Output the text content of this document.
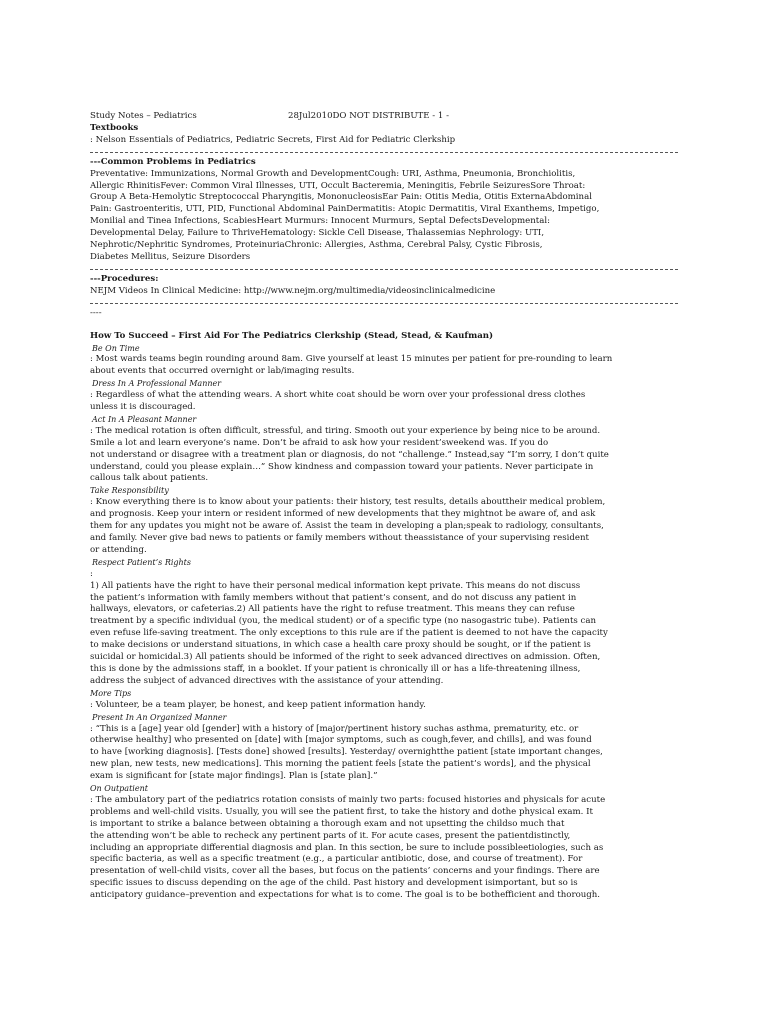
Study Notes – Pediatrics	28Jul2010DO NOT DISTRIBUTE - 1 -
Textbooks
: Nelson Essentials of Pediatrics, Pediatric Secrets, First Aid for Pediatric Clerkship
---Common Problems in Pediatrics
Preventative: Immunizations, Normal Growth and DevelopmentCough: URI, Asthma, Pneumonia, Bronchiolitis,
Allergic RhinitisFever: Common Viral Illnesses, UTI, Occult Bacteremia, Meningitis, Febrile SeizuresSore Throat:
Group A Beta-Hemolytic Streptococcal Pharyngitis, MononucleosisEar Pain: Otitis Media, Otitis ExternaAbdominal
Pain: Gastroenteritis, UTI, PID, Functional Abdominal PainDermatitis: Atopic Dermatitis, Viral Exanthems, Impetigo,
Monilial and Tinea Infections, ScabiesHeart Murmurs: Innocent Murmurs, Septal DefectsDevelopmental:
Developmental Delay, Failure to ThriveHematology: Sickle Cell Disease, Thalassemias Nephrology: UTI,
Nephrotic/Nephritic Syndromes, ProteinuriaChronic: Allergies, Asthma, Cerebral Palsy, Cystic Fibrosis,
Diabetes Mellitus, Seizure Disorders
---Procedures:
NEJM Videos In Clinical Medicine: http://www.nejm.org/multimedia/videosinclinicalmedicine
----
How To Succeed – First Aid For The Pediatrics Clerkship (Stead, Stead, & Kaufman)
Be On Time
: Most wards teams begin rounding around 8am. Give yourself at least 15 minutes per patient for pre-rounding to learn
about events that occurred overnight or lab/imaging results.
Dress In A Professional Manner
: Regardless of what the attending wears. A short white coat should be worn over your professional dress clothes
unless it is discouraged.
Act In A Pleasant Manner
: The medical rotation is often difficult, stressful, and tiring. Smooth out your experience by being nice to be around.
Smile a lot and learn everyone’s name. Don’t be afraid to ask how your resident’sweekend was. If you do
not understand or disagree with a treatment plan or diagnosis, do not “challenge.” Instead,say “I’m sorry, I don’t quite
understand, could you please explain…” Show kindness and compassion toward your patients. Never participate in
callous talk about patients.
Take Responsibility
: Know everything there is to know about your patients: their history, test results, details abouttheir medical problem,
and prognosis. Keep your intern or resident informed of new developments that they mightnot be aware of, and ask
them for any updates you might not be aware of. Assist the team in developing a plan;speak to radiology, consultants,
and family. Never give bad news to patients or family members without theassistance of your supervising resident
or attending.
Respect Patient’s Rights
:
1) All patients have the right to have their personal medical information kept private. This means do not discuss
the patient’s information with family members without that patient’s consent, and do not discuss any patient in
hallways, elevators, or cafeterias.2) All patients have the right to refuse treatment. This means they can refuse
treatment by a specific individual (you, the medical student) or of a specific type (no nasogastric tube). Patients can
even refuse life-saving treatment. The only exceptions to this rule are if the patient is deemed to not have the capacity
to make decisions or understand situations, in which case a health care proxy should be sought, or if the patient is
suicidal or homicidal.3) All patients should be informed of the right to seek advanced directives on admission. Often,
this is done by the admissions staff, in a booklet. If your patient is chronically ill or has a life-threatening illness,
address the subject of advanced directives with the assistance of your attending.
More Tips
: Volunteer, be a team player, be honest, and keep patient information handy.
Present In An Organized Manner
: “This is a [age] year old [gender] with a history of [major/pertinent history suchas asthma, prematurity, etc. or
otherwise healthy] who presented on [date] with [major symptoms, such as cough,fever, and chills], and was found
to have [working diagnosis]. [Tests done] showed [results]. Yesterday/ overnightthe patient [state important changes,
new plan, new tests, new medications]. This morning the patient feels [state the patient’s words], and the physical
exam is significant for [state major findings]. Plan is [state plan].”
On Outpatient
: The ambulatory part of the pediatrics rotation consists of mainly two parts: focused histories and physicals for acute
problems and well-child visits. Usually, you will see the patient first, to take the history and dothe physical exam. It
is important to strike a balance between obtaining a thorough exam and not upsetting the childso much that
the attending won’t be able to recheck any pertinent parts of it. For acute cases, present the patientdistinctly,
including an appropriate differential diagnosis and plan. In this section, be sure to include possibleetiologies, such as
specific bacteria, as well as a specific treatment (e.g., a particular antibiotic, dose, and course of treatment). For
presentation of well-child visits, cover all the bases, but focus on the patients’ concerns and your findings. There are
specific issues to discuss depending on the age of the child. Past history and development isimportant, but so is
anticipatory guidance–prevention and expectations for what is to come. The goal is to be bothefficient and thorough.
